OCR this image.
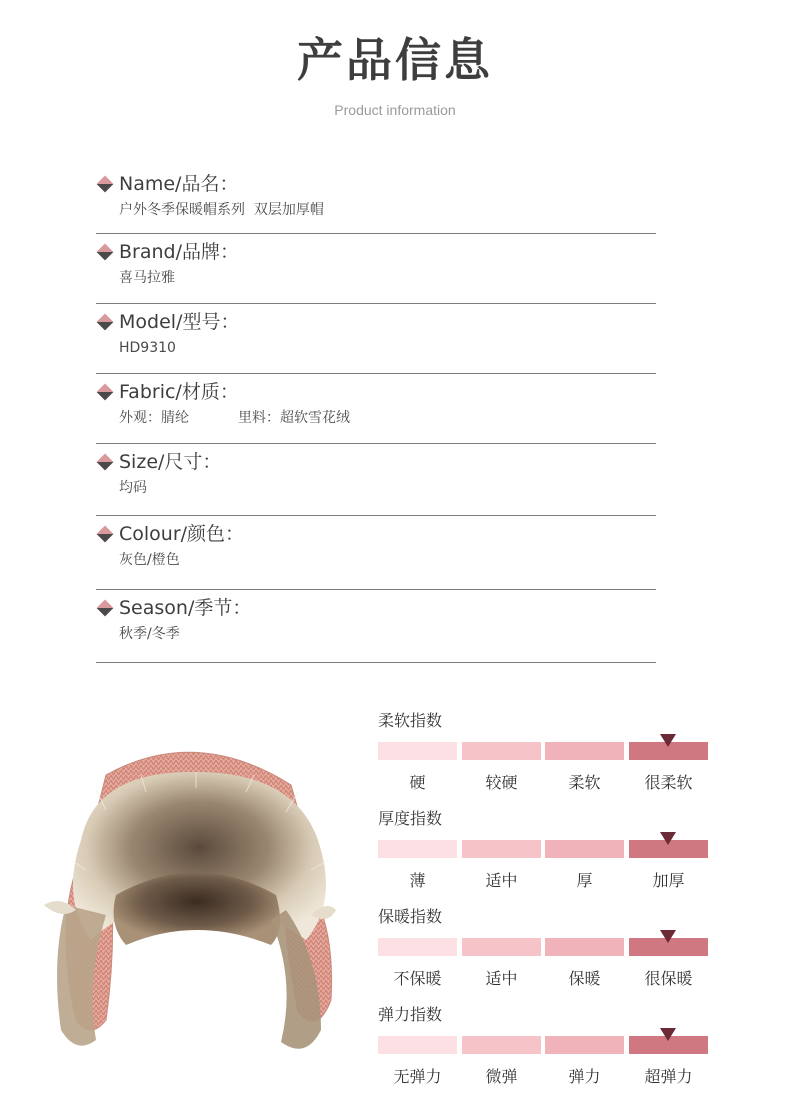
产品信息
Product information
Name/品名：
户外冬季保暖帽系列  双层加厚帽
Brand/品牌：
喜马拉雅
Model/型号：
HD9310
Fabric/材质：
外观：腈纶           里料：超软雪花绒
Size/尺寸：
均码
Colour/颜色：
灰色/橙色
Season/季节：
秋季/冬季
柔软指数
硬	较硬	柔软	很柔软
厚度指数
薄	适中	厚	加厚
保暖指数
不保暖	适中	保暖	很保暖
弹力指数
无弹力	微弹	弹力	超弹力
